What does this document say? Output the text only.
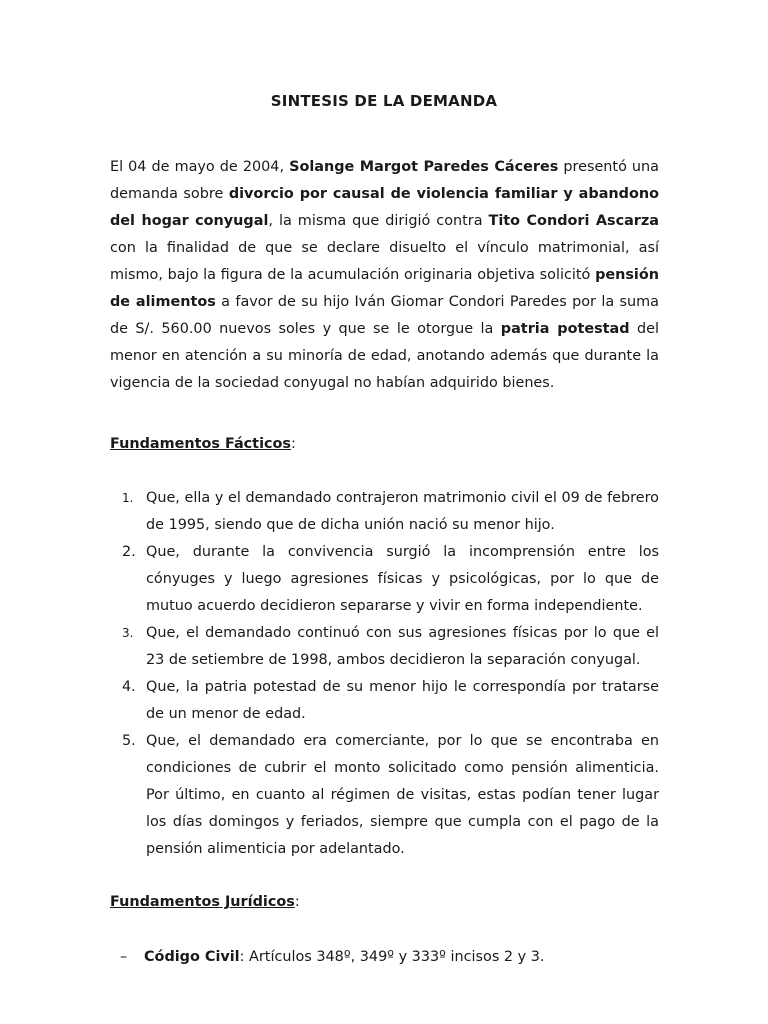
SINTESIS DE LA DEMANDA
El 04 de mayo de 2004, Solange Margot Paredes Cáceres presentó una demanda sobre divorcio por causal de violencia familiar y abandono del hogar conyugal, la misma que dirigió contra Tito Condori Ascarza con la finalidad de que se declare disuelto el vínculo matrimonial, así mismo, bajo la figura de la acumulación originaria objetiva solicitó pensión de alimentos a favor de su hijo Iván Giomar Condori Paredes por la suma de S/. 560.00 nuevos soles y que se le otorgue la patria potestad del menor en atención a su minoría de edad, anotando además que durante la vigencia de la sociedad conyugal no habían adquirido bienes.
Fundamentos Fácticos:
1. Que, ella y el demandado contrajeron matrimonio civil el 09 de febrero de 1995, siendo que de dicha unión nació su menor hijo.
2. Que, durante la convivencia surgió la incomprensión entre los cónyuges y luego agresiones físicas y psicológicas, por lo que de mutuo acuerdo decidieron separarse y vivir en forma independiente.
3. Que, el demandado continuó con sus agresiones físicas por lo que el 23 de setiembre de 1998, ambos decidieron la separación conyugal.
4. Que, la patria potestad de su menor hijo le correspondía por tratarse de un menor de edad.
5. Que, el demandado era comerciante, por lo que se encontraba en condiciones de cubrir el monto solicitado como pensión alimenticia. Por último, en cuanto al régimen de visitas, estas podían tener lugar los días domingos y feriados, siempre que cumpla con el pago de la pensión alimenticia por adelantado.
Fundamentos Jurídicos:
–	Código Civil: Artículos 348º, 349º y 333º incisos 2 y 3.
